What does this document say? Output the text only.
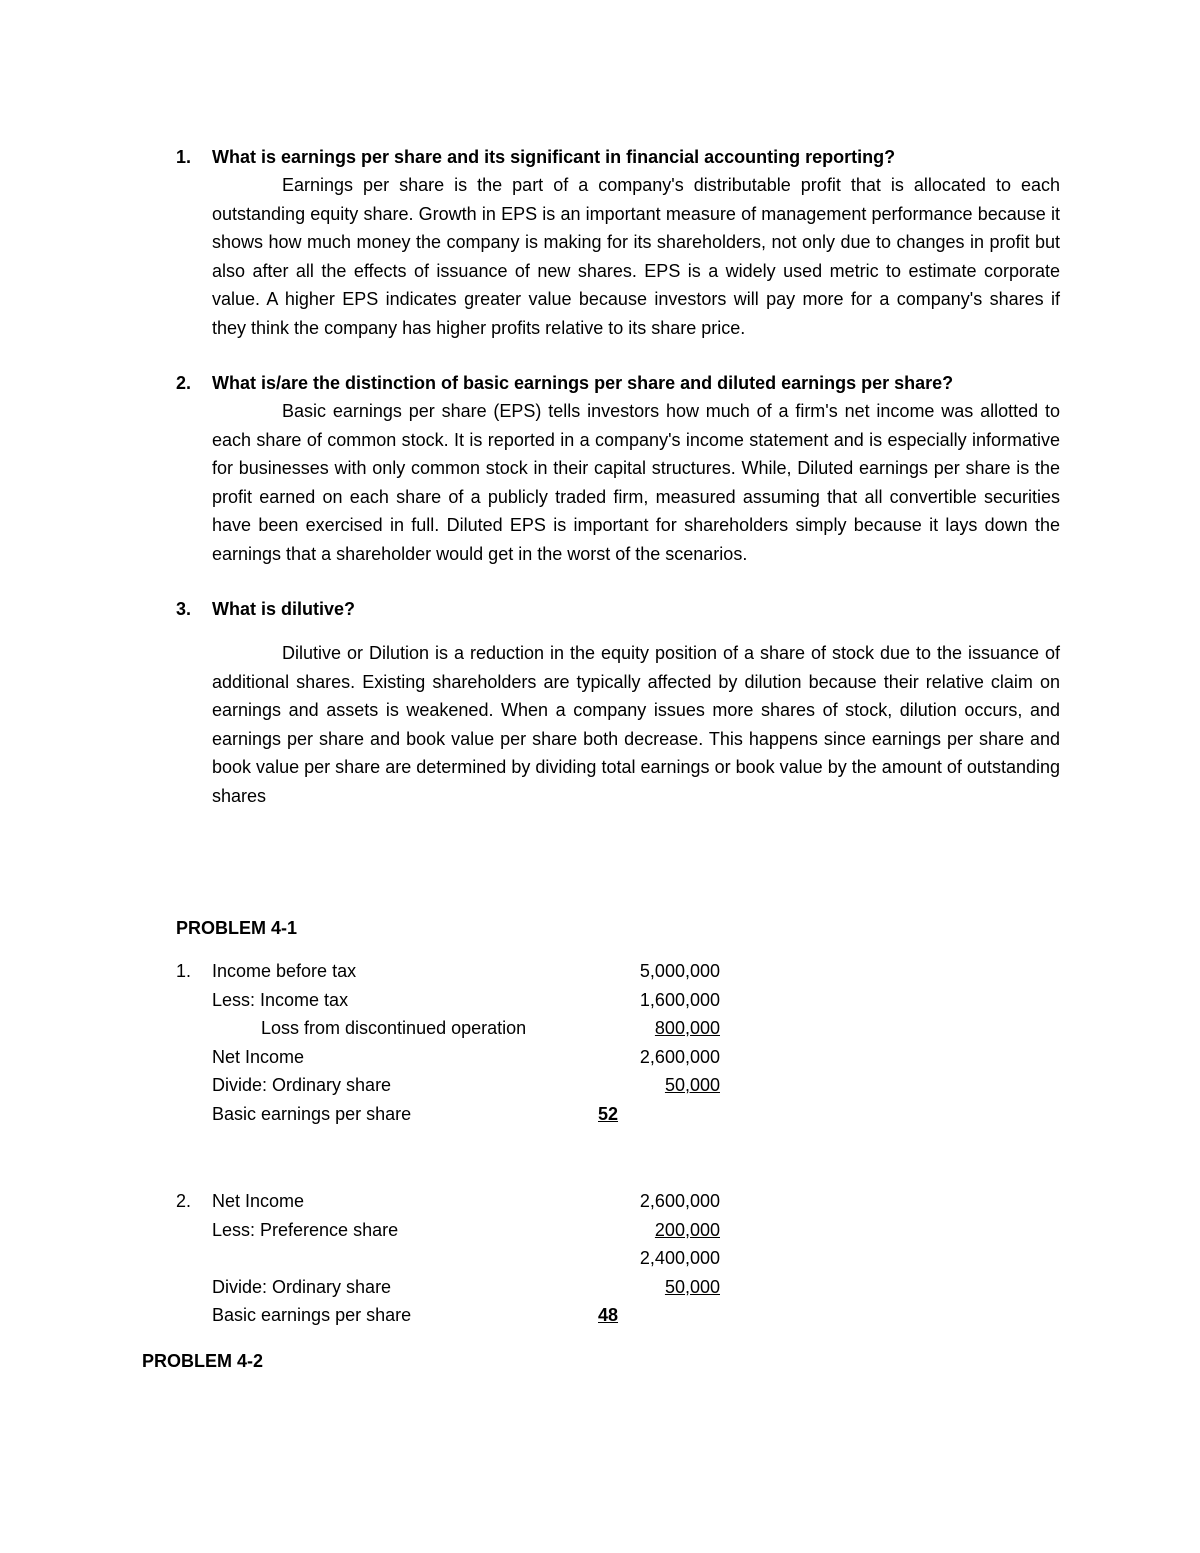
1.	What is earnings per share and its significant in financial accounting reporting?
Earnings per share is the part of a company's distributable profit that is allocated to each outstanding equity share. Growth in EPS is an important measure of management performance because it shows how much money the company is making for its shareholders, not only due to changes in profit but also after all the effects of issuance of new shares. EPS is a widely used metric to estimate corporate value. A higher EPS indicates greater value because investors will pay more for a company's shares if they think the company has higher profits relative to its share price.
2.	What is/are the distinction of basic earnings per share and diluted earnings per share?
Basic earnings per share (EPS) tells investors how much of a firm's net income was allotted to each share of common stock. It is reported in a company's income statement and is especially informative for businesses with only common stock in their capital structures. While, Diluted earnings per share is the profit earned on each share of a publicly traded firm, measured assuming that all convertible securities have been exercised in full. Diluted EPS is important for shareholders simply because it lays down the earnings that a shareholder would get in the worst of the scenarios.
3.	What is dilutive?
Dilutive or Dilution is a reduction in the equity position of a share of stock due to the issuance of additional shares. Existing shareholders are typically affected by dilution because their relative claim on earnings and assets is weakened. When a company issues more shares of stock, dilution occurs, and earnings per share and book value per share both decrease. This happens since earnings per share and book value per share are determined by dividing total earnings or book value by the amount of outstanding shares
PROBLEM 4-1
1. Income before tax	5,000,000
Less: Income tax	1,600,000
Loss from discontinued operation	800,000
Net Income	2,600,000
Divide: Ordinary share	50,000
Basic earnings per share	52
2. Net Income	2,600,000
Less: Preference share	200,000
2,400,000
Divide: Ordinary share	50,000
Basic earnings per share	48
PROBLEM 4-2
